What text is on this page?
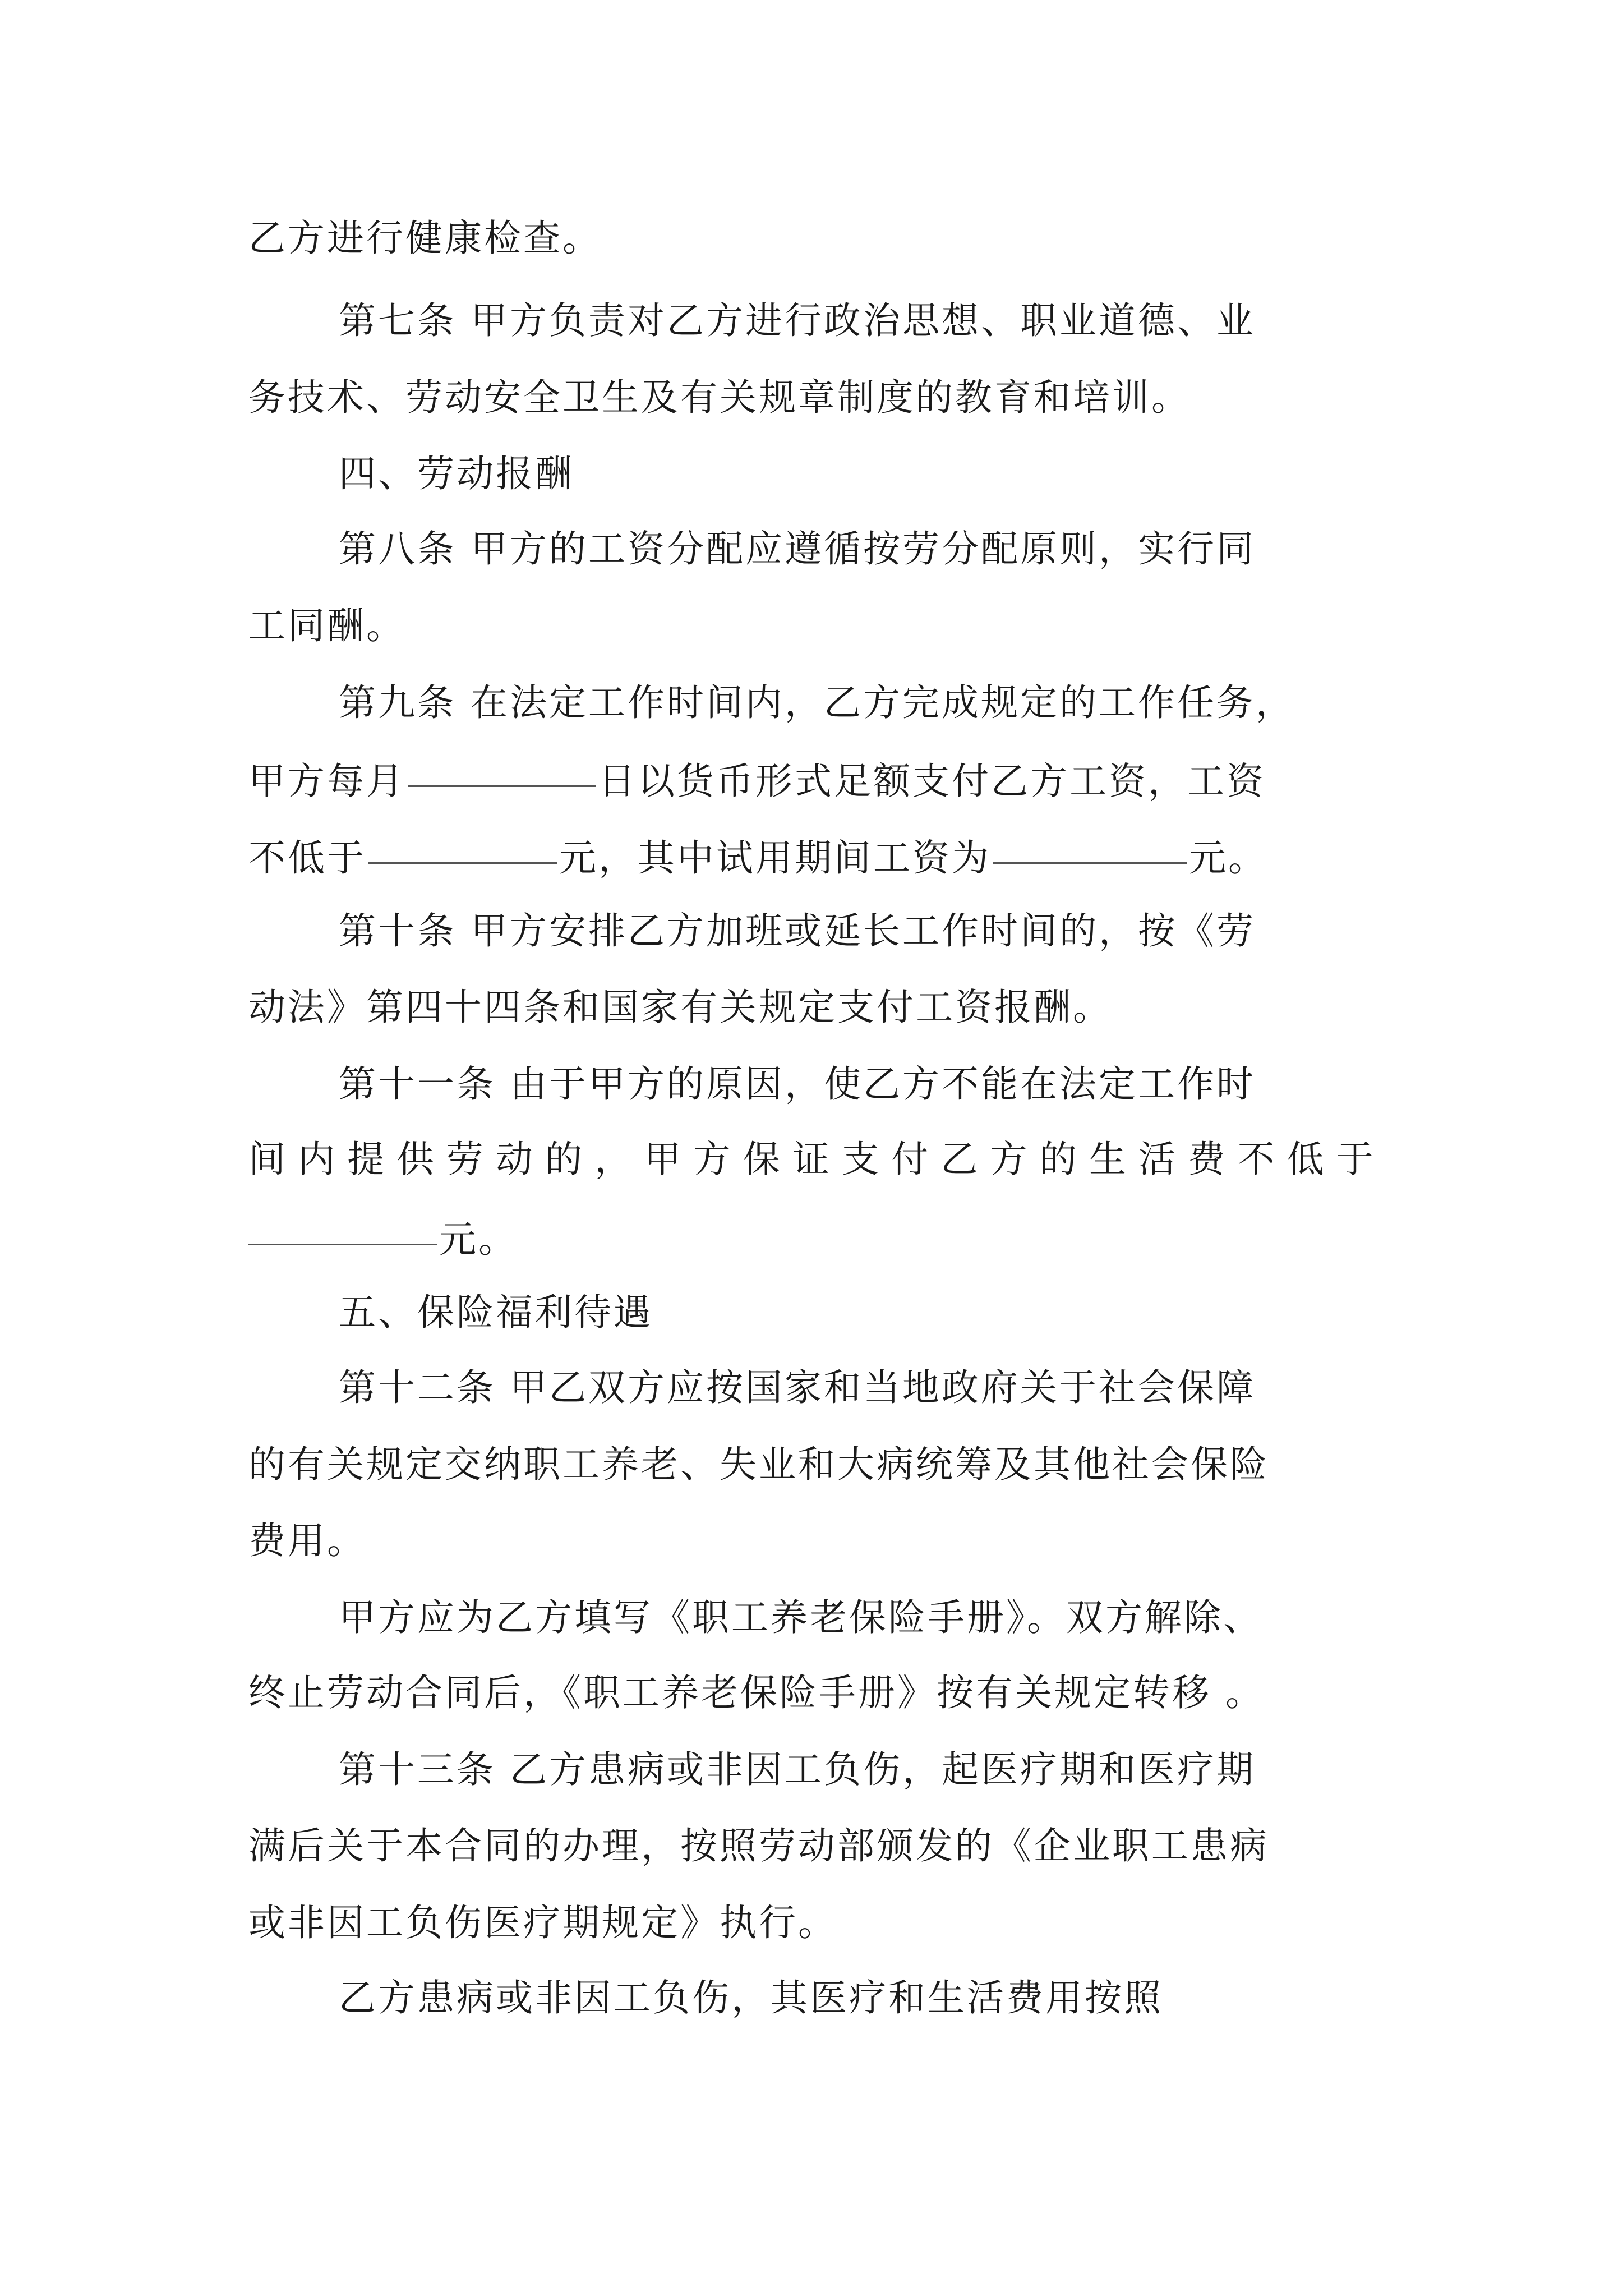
乙方进行健康检查。

第七条 甲方负责对乙方进行政治思想、职业道德、业

务技术、劳动安全卫生及有关规章制度的教育和培训。

四、劳动报酬

第八条 甲方的工资分配应遵循按劳分配原则，实行同

工同酬。

第九条 在法定工作时间内，乙方完成规定的工作任务，

甲方每月	日以货币形式足额支付乙方工资，工资

不低于	元，其中试用期间工资为	元。

第十条 甲方安排乙方加班或延长工作时间的，按《劳

动法》第四十四条和国家有关规定支付工资报酬。

第十一条 由于甲方的原因，使乙方不能在法定工作时

间 内 提 供 劳 动 的 ， 甲 方 保 证 支 付 乙 方 的 生 活 费 不 低 于

元。

五、保险福利待遇

第十二条 甲乙双方应按国家和当地政府关于社会保障

的有关规定交纳职工养老、失业和大病统筹及其他社会保险

费用。

甲方应为乙方填写《职工养老保险手册》。双方解除、

终止劳动合同后，《职工养老保险手册》按有关规定转移 。

第十三条 乙方患病或非因工负伤，起医疗期和医疗期

满后关于本合同的办理，按照劳动部颁发的《企业职工患病

或非因工负伤医疗期规定》执行。

乙方患病或非因工负伤，其医疗和生活费用按照
